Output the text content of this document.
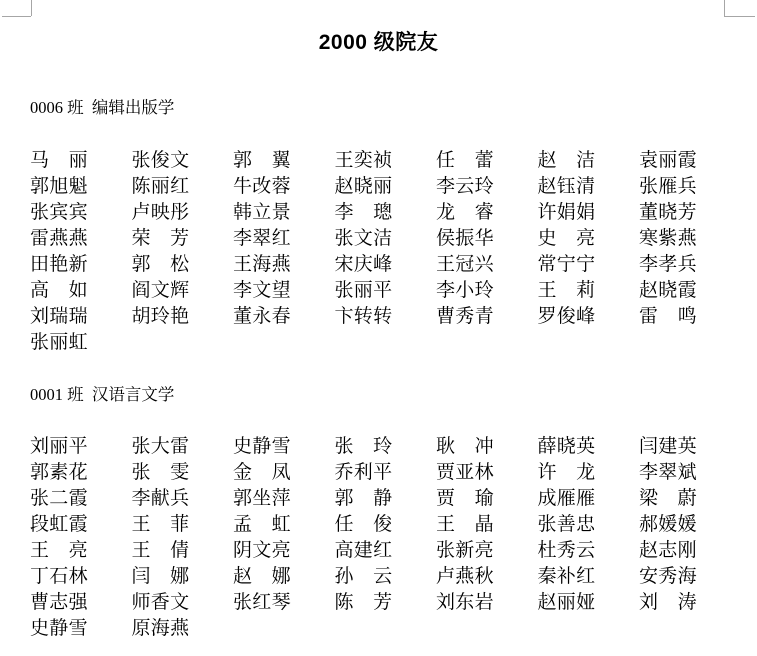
2000 级院友
0006 班  编辑出版学
马　丽	张俊文	郭　翼	王奕祯	任　蕾	赵　洁	袁丽霞
郭旭魁	陈丽红	牛改蓉	赵晓丽	李云玲	赵钰清	张雁兵
张宾宾	卢映彤	韩立景	李　璁	龙　睿	许娟娟	董晓芳
雷燕燕	荣　芳	李翠红	张文洁	侯振华	史　亮	寒紫燕
田艳新	郭　松	王海燕	宋庆峰	王冠兴	常宁宁	李孝兵
高　如	阎文辉	李文望	张丽平	李小玲	王　莉	赵晓霞
刘瑞瑞	胡玲艳	董永春	卞转转	曹秀青	罗俊峰	雷　鸣
张丽虹
0001 班  汉语言文学
刘丽平	张大雷	史静雪	张　玲	耿　冲	薛晓英	闫建英
郭素花	张　雯	金　凤	乔利平	贾亚林	许　龙	李翠斌
张二霞	李献兵	郭坐萍	郭　静	贾　瑜	成雁雁	梁　蔚
段虹霞	王　菲	孟　虹	任　俊	王　晶	张善忠	郝媛媛
王　亮	王　倩	阴文亮	高建红	张新亮	杜秀云	赵志刚
丁石林	闫　娜	赵　娜	孙　云	卢燕秋	秦补红	安秀海
曹志强	师香文	张红琴	陈　芳	刘东岩	赵丽娅	刘　涛
史静雪	原海燕
